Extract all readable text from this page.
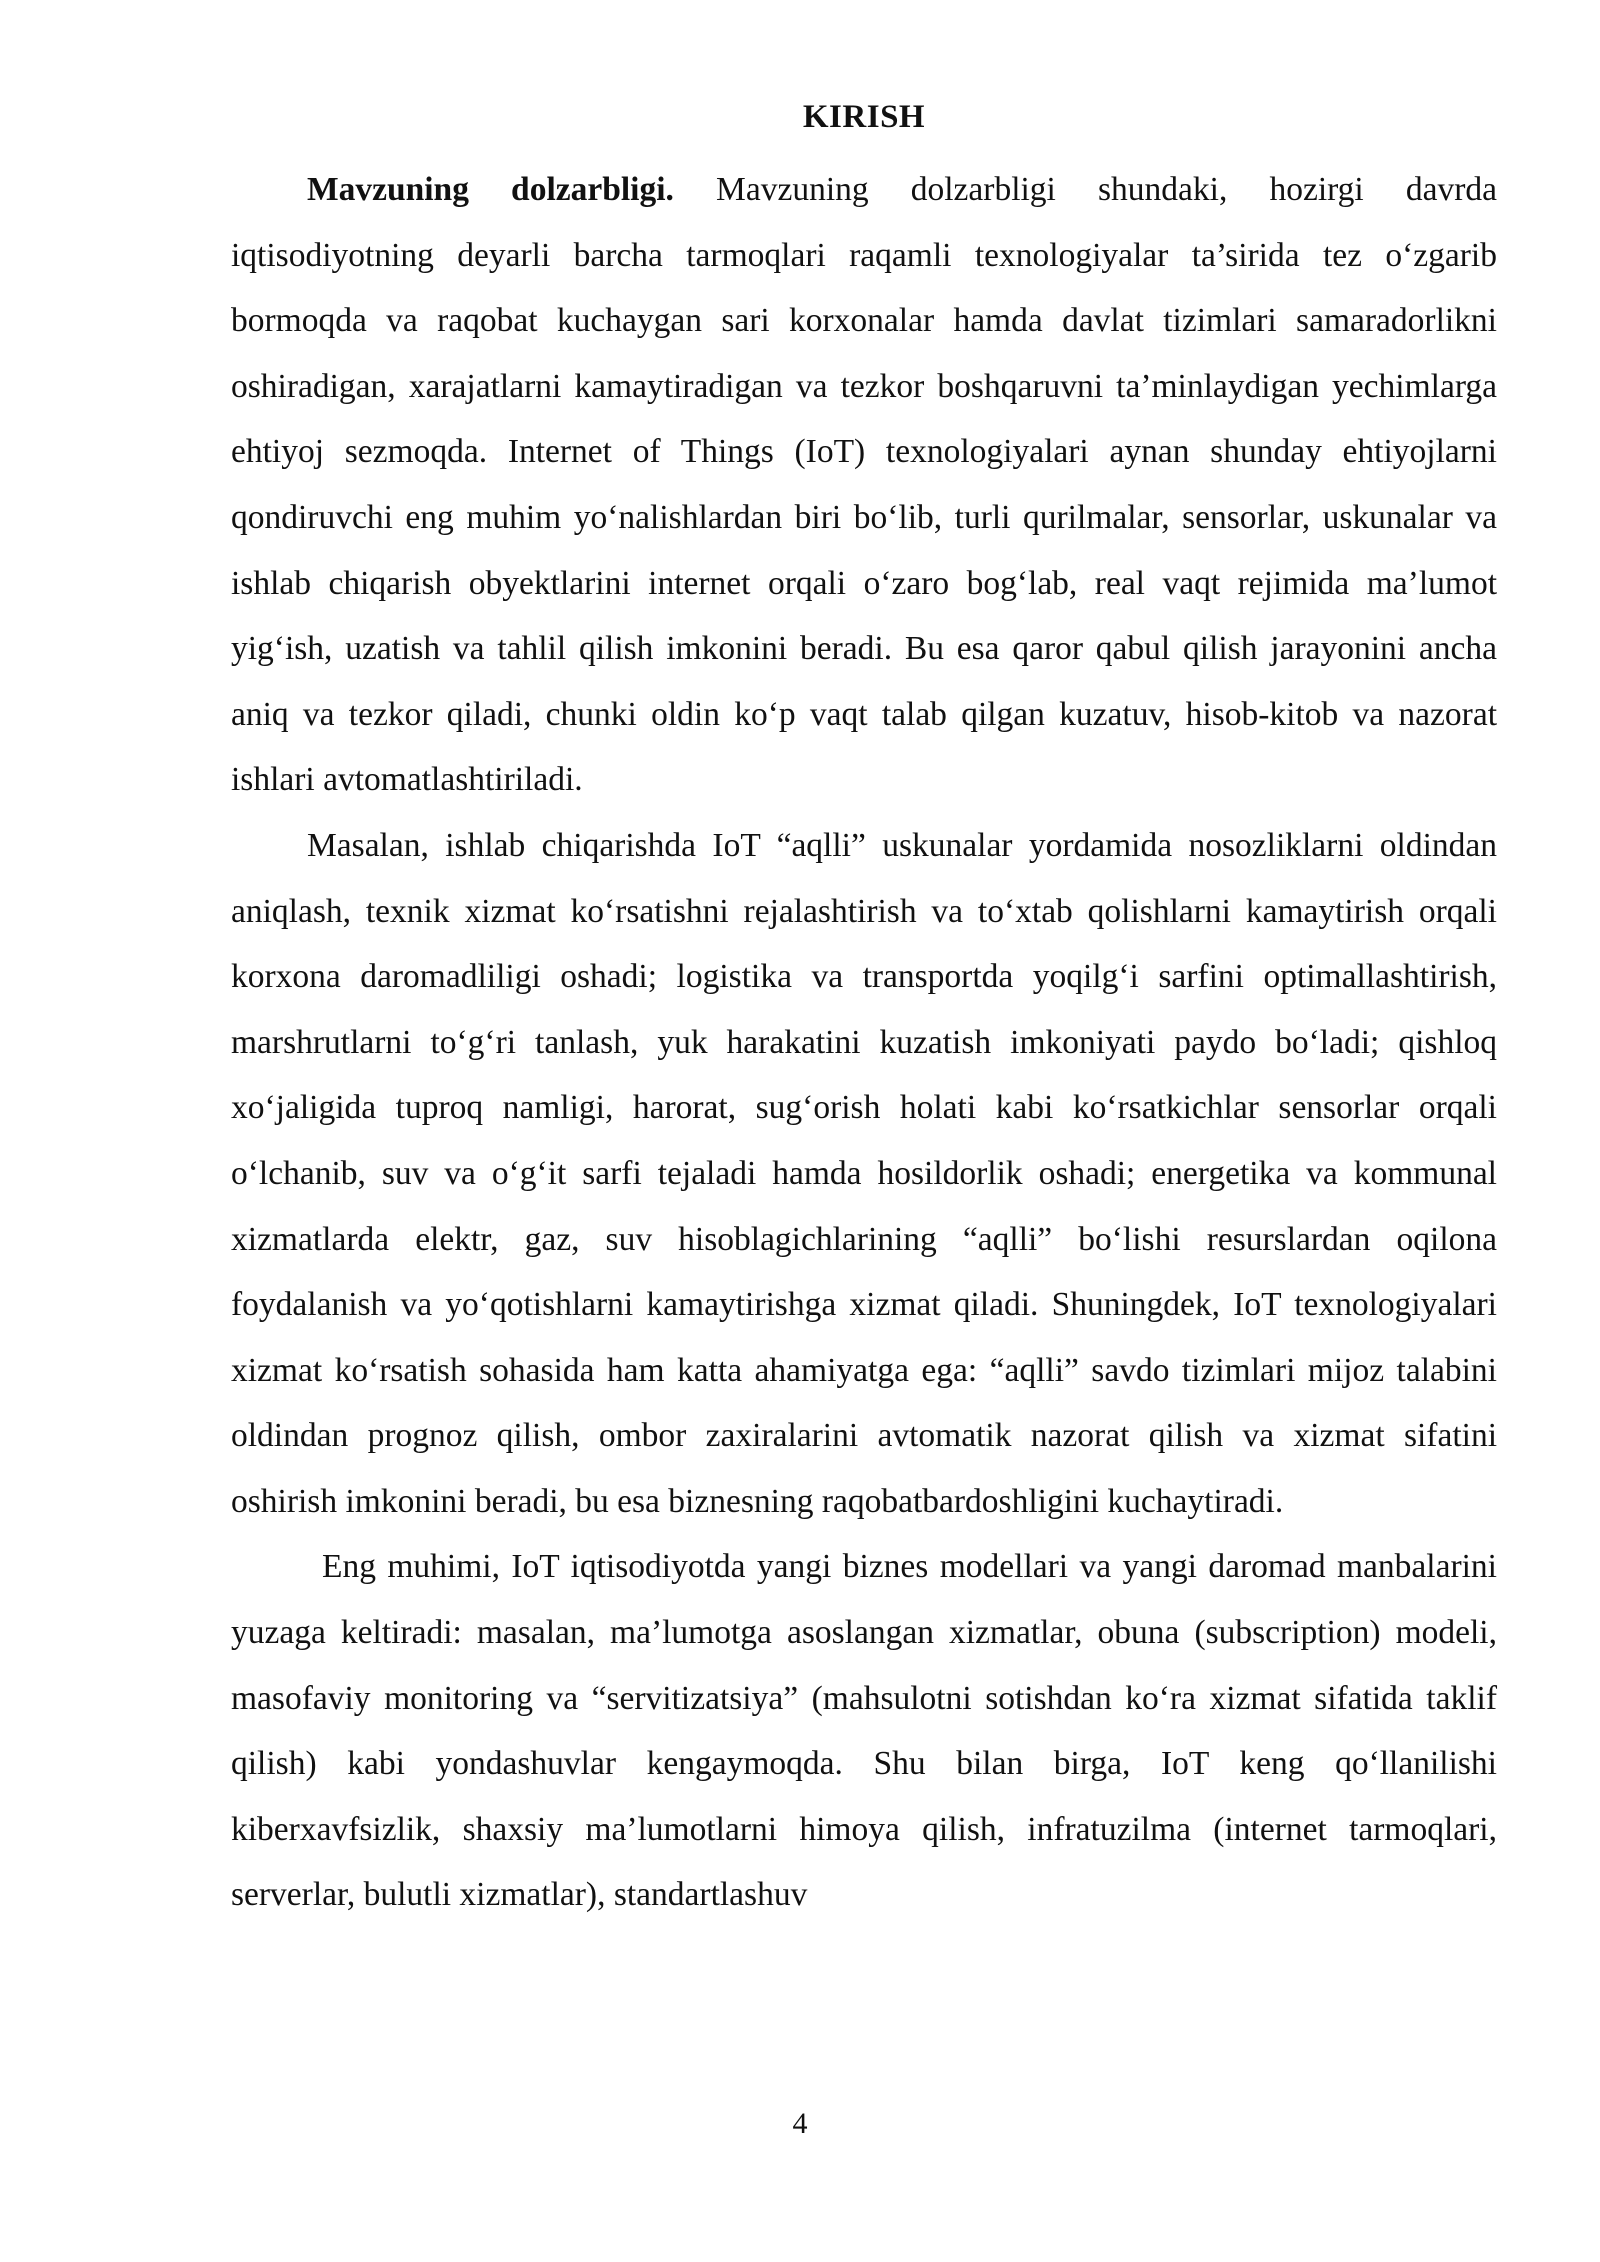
KIRISH

Mavzuning dolzarbligi. Mavzuning dolzarbligi shundaki, hozirgi davrda iqtisodiyotning deyarli barcha tarmoqlari raqamli texnologiyalar ta’sirida tez o‘zgarib bormoqda va raqobat kuchaygan sari korxonalar hamda davlat tizimlari samaradorlikni oshiradigan, xarajatlarni kamaytiradigan va tezkor boshqaruvni ta’minlaydigan yechimlarga ehtiyoj sezmoqda. Internet of Things (IoT) texnologiyalari aynan shunday ehtiyojlarni qondiruvchi eng muhim yo‘nalishlardan biri bo‘lib, turli qurilmalar, sensorlar, uskunalar va ishlab chiqarish obyektlarini internet orqali o‘zaro bog‘lab, real vaqt rejimida ma’lumot yig‘ish, uzatish va tahlil qilish imkonini beradi. Bu esa qaror qabul qilish jarayonini ancha aniq va tezkor qiladi, chunki oldin ko‘p vaqt talab qilgan kuzatuv, hisob-kitob va nazorat ishlari avtomatlashtiriladi.

Masalan, ishlab chiqarishda IoT “aqlli” uskunalar yordamida nosozliklarni oldindan aniqlash, texnik xizmat ko‘rsatishni rejalashtirish va to‘xtab qolishlarni kamaytirish orqali korxona daromadliligi oshadi; logistika va transportda yoqilg‘i sarfini optimallashtirish, marshrutlarni to‘g‘ri tanlash, yuk harakatini kuzatish imkoniyati paydo bo‘ladi; qishloq xo‘jaligida tuproq namligi, harorat, sug‘orish holati kabi ko‘rsatkichlar sensorlar orqali o‘lchanib, suv va o‘g‘it sarfi tejaladi hamda hosildorlik oshadi; energetika va kommunal xizmatlarda elektr, gaz, suv hisoblagichlarining “aqlli” bo‘lishi resurslardan oqilona foydalanish va yo‘qotishlarni kamaytirishga xizmat qiladi. Shuningdek, IoT texnologiyalari xizmat ko‘rsatish sohasida ham katta ahamiyatga ega: “aqlli” savdo tizimlari mijoz talabini oldindan prognoz qilish, ombor zaxiralarini avtomatik nazorat qilish va xizmat sifatini oshirish imkonini beradi, bu esa biznesning raqobatbardoshligini kuchaytiradi.

Eng muhimi, IoT iqtisodiyotda yangi biznes modellari va yangi daromad manbalarini yuzaga keltiradi: masalan, ma’lumotga asoslangan xizmatlar, obuna (subscription) modeli, masofaviy monitoring va “servitizatsiya” (mahsulotni sotishdan ko‘ra xizmat sifatida taklif qilish) kabi yondashuvlar kengaymoqda. Shu bilan birga, IoT keng qo‘llanilishi kiberxavfsizlik, shaxsiy ma’lumotlarni himoya qilish, infratuzilma (internet tarmoqlari, serverlar, bulutli xizmatlar), standartlashuv

4
